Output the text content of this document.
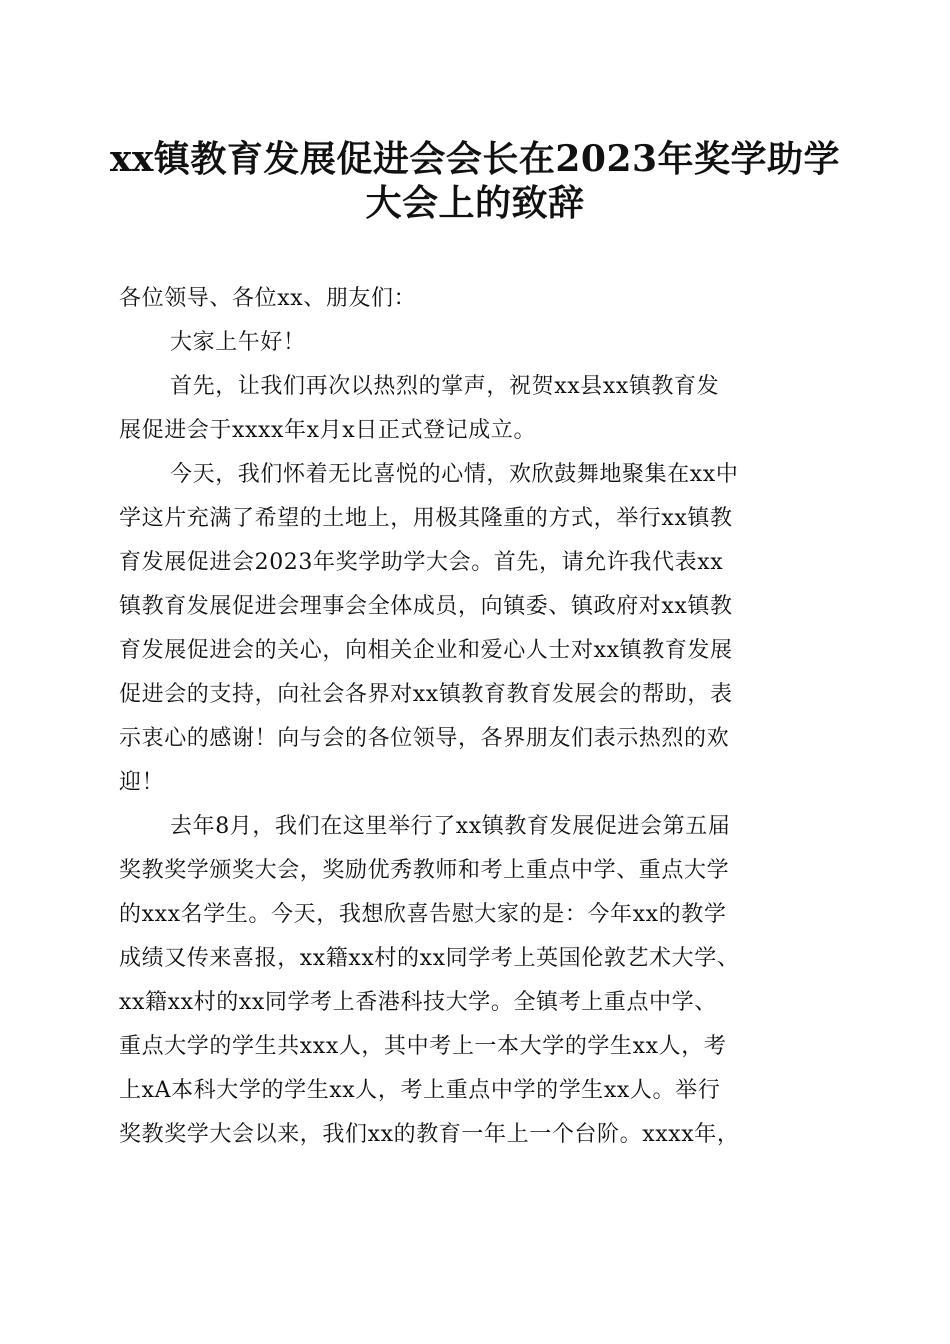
xx镇教育发展促进会会长在2023年奖学助学
大会上的致辞
各位领导、各位xx、朋友们：
大家上午好！
首先，让我们再次以热烈的掌声，祝贺xx县xx镇教育发
展促进会于xxxx年x月x日正式登记成立。
今天，我们怀着无比喜悦的心情，欢欣鼓舞地聚集在xx中
学这片充满了希望的土地上，用极其隆重的方式，举行xx镇教
育发展促进会2023年奖学助学大会。首先，请允许我代表xx
镇教育发展促进会理事会全体成员，向镇委、镇政府对xx镇教
育发展促进会的关心，向相关企业和爱心人士对xx镇教育发展
促进会的支持，向社会各界对xx镇教育教育发展会的帮助，表
示衷心的感谢！向与会的各位领导，各界朋友们表示热烈的欢
迎！
去年8月，我们在这里举行了xx镇教育发展促进会第五届
奖教奖学颁奖大会，奖励优秀教师和考上重点中学、重点大学
的xxx名学生。今天，我想欣喜告慰大家的是：今年xx的教学
成绩又传来喜报，xx籍xx村的xx同学考上英国伦敦艺术大学、
xx籍xx村的xx同学考上香港科技大学。全镇考上重点中学、
重点大学的学生共xxx人，其中考上一本大学的学生xx人，考
上xA本科大学的学生xx人，考上重点中学的学生xx人。举行
奖教奖学大会以来，我们xx的教育一年上一个台阶。xxxx年，
